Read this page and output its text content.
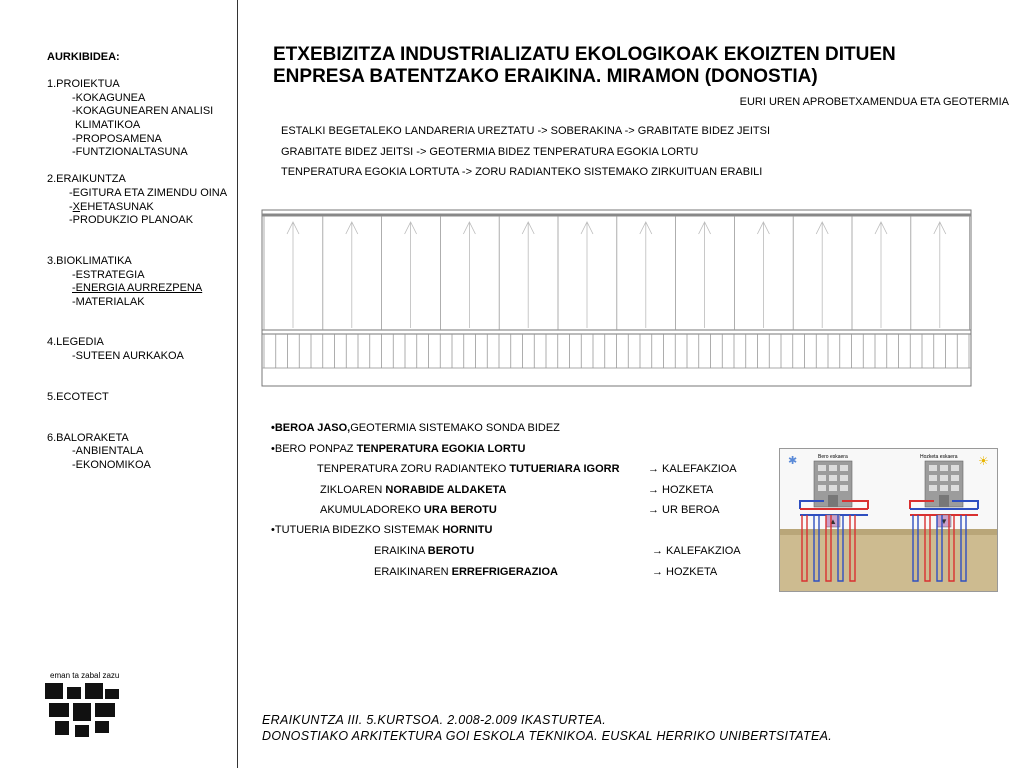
AURKIBIDEA:
1.PROIEKTUA
-KOKAGUNEA
-KOKAGUNEAREN ANALISI
KLIMATIKOA
-PROPOSAMENA
-FUNTZIONALTASUNA
2.ERAIKUNTZA
-EGITURA ETA ZIMENDU OINA
-XEHETASUNAK
-PRODUKZIO PLANOAK
3.BIOKLIMATIKA
-ESTRATEGIA
-ENERGIA AURREZPENA
-MATERIALAK
4.LEGEDIA
-SUTEEN AURKAKOA
5.ECOTECT
6.BALORAKETA
-ANBIENTALA
-EKONOMIKOA
ETXEBIZITZA INDUSTRIALIZATU EKOLOGIKOAK EKOIZTEN DITUEN
ENPRESA BATENTZAKO ERAIKINA. MIRAMON (DONOSTIA)
EURI UREN APROBETXAMENDUA ETA GEOTERMIA
ESTALKI BEGETALEKO LANDARERIA UREZTATU -> SOBERAKINA -> GRABITATE BIDEZ JEITSI
GRABITATE BIDEZ JEITSI -> GEOTERMIA BIDEZ TENPERATURA EGOKIA LORTU
TENPERATURA EGOKIA LORTUTA -> ZORU RADIANTEKO SISTEMAKO ZIRKUITUAN ERABILI
•BEROA JASO,GEOTERMIA SISTEMAKO SONDA BIDEZ
•BERO PONPAZ TENPERATURA EGOKIA LORTU
TENPERATURA ZORU RADIANTEKO TUTUERIARA IGORR	→ KALEFAKZIOA
ZIKLOAREN NORABIDE ALDAKETA	→ HOZKETA
AKUMULADOREKO URA BEROTU	→ UR BEROA
•TUTUERIA BIDEZKO SISTEMAK HORNITU
ERAIKINA BEROTU	→ KALEFAKZIOA
ERAIKINAREN ERREFRIGERAZIOA	→ HOZKETA
Bero eskaera	Hozketa eskaera
✱	☀
▲	▼
eman ta zabal zazu
ERAIKUNTZA III. 5.KURTSOA. 2.008-2.009 IKASTURTEA.
DONOSTIAKO ARKITEKTURA GOI ESKOLA TEKNIKOA. EUSKAL HERRIKO UNIBERTSITATEA.
